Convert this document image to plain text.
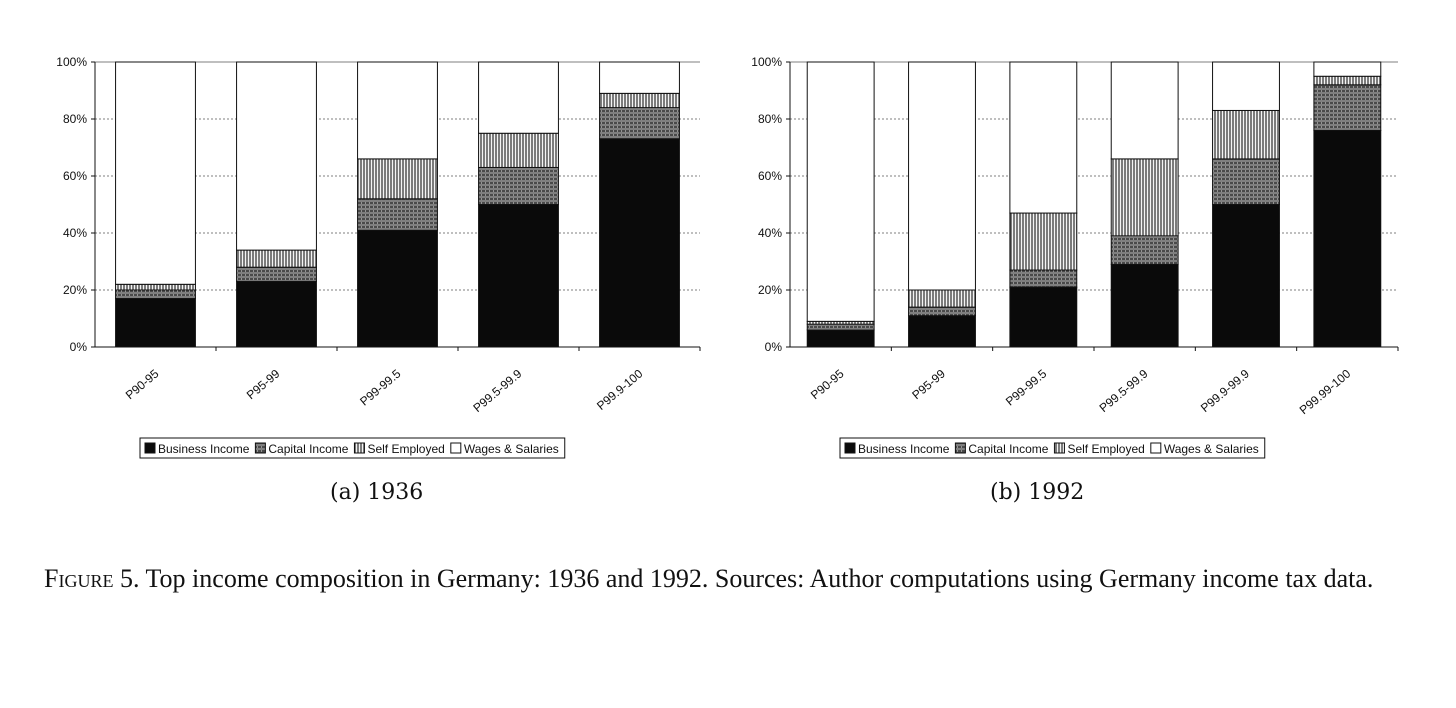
0%
20%
40%
60%
80%
100%
P90-95	P95-99	P99-99.5	P99.5-99.9	P99.9-100
Business Income Capital Income Self Employed Wages & Salaries
0%
20%
40%
60%
80%
100%
P90-95	P95-99	P99-99.5	P99.5-99.9	P99.9-99.9	P99.99-100
Business Income Capital Income Self Employed Wages & Salaries
(a) 1936	(b) 1992
Figure 5. Top income composition in Germany: 1936 and 1992. Sources: Author computations using Germany income tax data.
